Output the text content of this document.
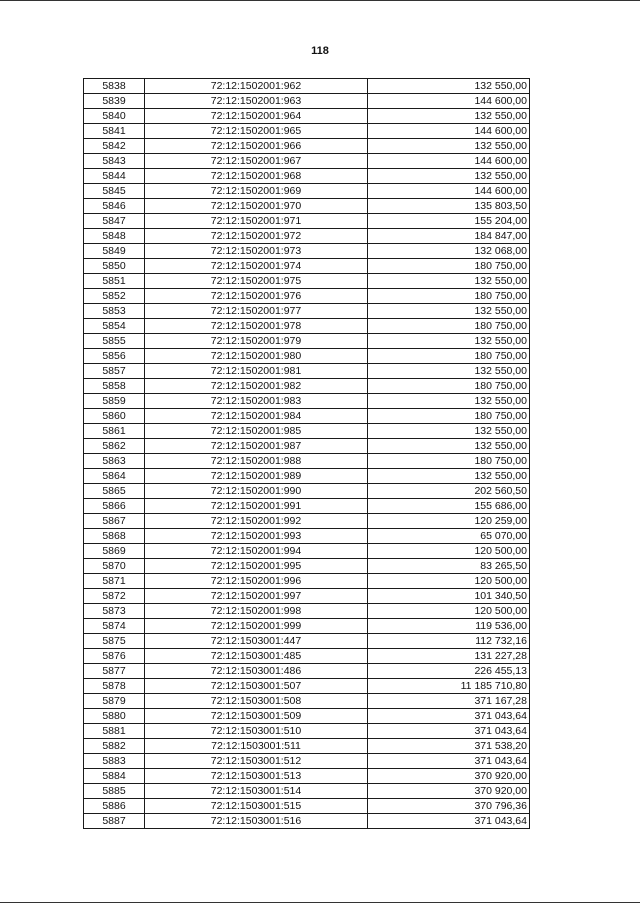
118
5838	72:12:1502001:962	132 550,00
5839	72:12:1502001:963	144 600,00
5840	72:12:1502001:964	132 550,00
5841	72:12:1502001:965	144 600,00
5842	72:12:1502001:966	132 550,00
5843	72:12:1502001:967	144 600,00
5844	72:12:1502001:968	132 550,00
5845	72:12:1502001:969	144 600,00
5846	72:12:1502001:970	135 803,50
5847	72:12:1502001:971	155 204,00
5848	72:12:1502001:972	184 847,00
5849	72:12:1502001:973	132 068,00
5850	72:12:1502001:974	180 750,00
5851	72:12:1502001:975	132 550,00
5852	72:12:1502001:976	180 750,00
5853	72:12:1502001:977	132 550,00
5854	72:12:1502001:978	180 750,00
5855	72:12:1502001:979	132 550,00
5856	72:12:1502001:980	180 750,00
5857	72:12:1502001:981	132 550,00
5858	72:12:1502001:982	180 750,00
5859	72:12:1502001:983	132 550,00
5860	72:12:1502001:984	180 750,00
5861	72:12:1502001:985	132 550,00
5862	72:12:1502001:987	132 550,00
5863	72:12:1502001:988	180 750,00
5864	72:12:1502001:989	132 550,00
5865	72:12:1502001:990	202 560,50
5866	72:12:1502001:991	155 686,00
5867	72:12:1502001:992	120 259,00
5868	72:12:1502001:993	65 070,00
5869	72:12:1502001:994	120 500,00
5870	72:12:1502001:995	83 265,50
5871	72:12:1502001:996	120 500,00
5872	72:12:1502001:997	101 340,50
5873	72:12:1502001:998	120 500,00
5874	72:12:1502001:999	119 536,00
5875	72:12:1503001:447	112 732,16
5876	72:12:1503001:485	131 227,28
5877	72:12:1503001:486	226 455,13
5878	72:12:1503001:507	11 185 710,80
5879	72:12:1503001:508	371 167,28
5880	72:12:1503001:509	371 043,64
5881	72:12:1503001:510	371 043,64
5882	72:12:1503001:511	371 538,20
5883	72:12:1503001:512	371 043,64
5884	72:12:1503001:513	370 920,00
5885	72:12:1503001:514	370 920,00
5886	72:12:1503001:515	370 796,36
5887	72:12:1503001:516	371 043,64
